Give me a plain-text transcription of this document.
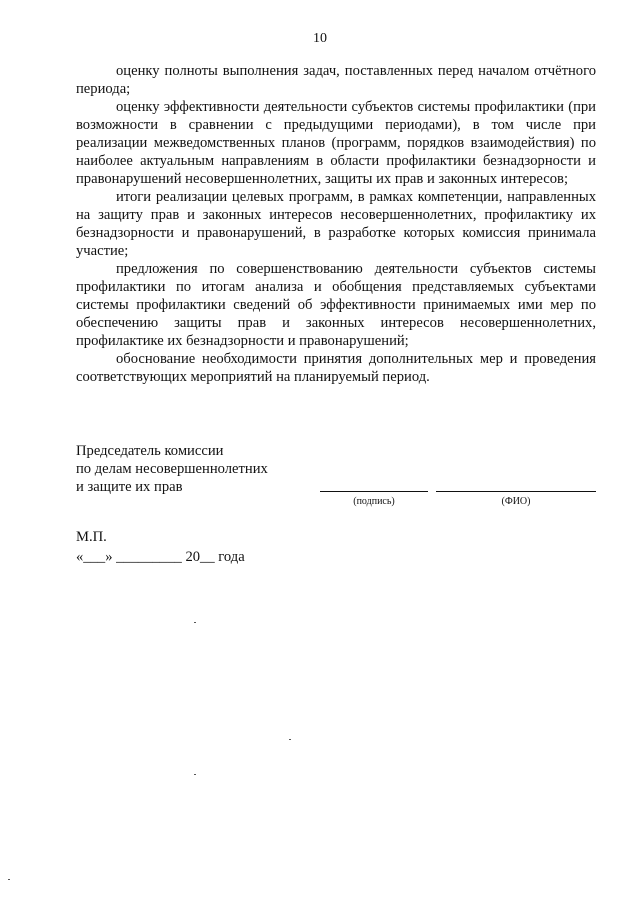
10

оценку полноты выполнения задач, поставленных перед началом отчётного периода;

оценку эффективности деятельности субъектов системы профилактики (при возможности в сравнении с предыдущими периодами), в том числе при реализации межведомственных планов (программ, порядков взаимодействия) по наиболее актуальным направлениям в области профилактики безнадзорности и правонарушений несовершеннолетних, защиты их прав и законных интересов;

итоги реализации целевых программ, в рамках компетенции, направленных на защиту прав и законных интересов несовершеннолетних, профилактику их безнадзорности и правонарушений, в разработке которых комиссия принимала участие;

предложения по совершенствованию деятельности субъектов системы профилактики по итогам анализа и обобщения представляемых субъектами системы профилактики сведений об эффективности принимаемых ими мер по обеспечению защиты прав и законных интересов несовершеннолетних, профилактике их безнадзорности и правонарушений;

обоснование необходимости принятия дополнительных мер и проведения соответствующих мероприятий на планируемый период.

Председатель комиссии
по делам несовершеннолетних
и защите их прав
(подпись)	(ФИО)
М.П.
«___» _________ 20__ года
